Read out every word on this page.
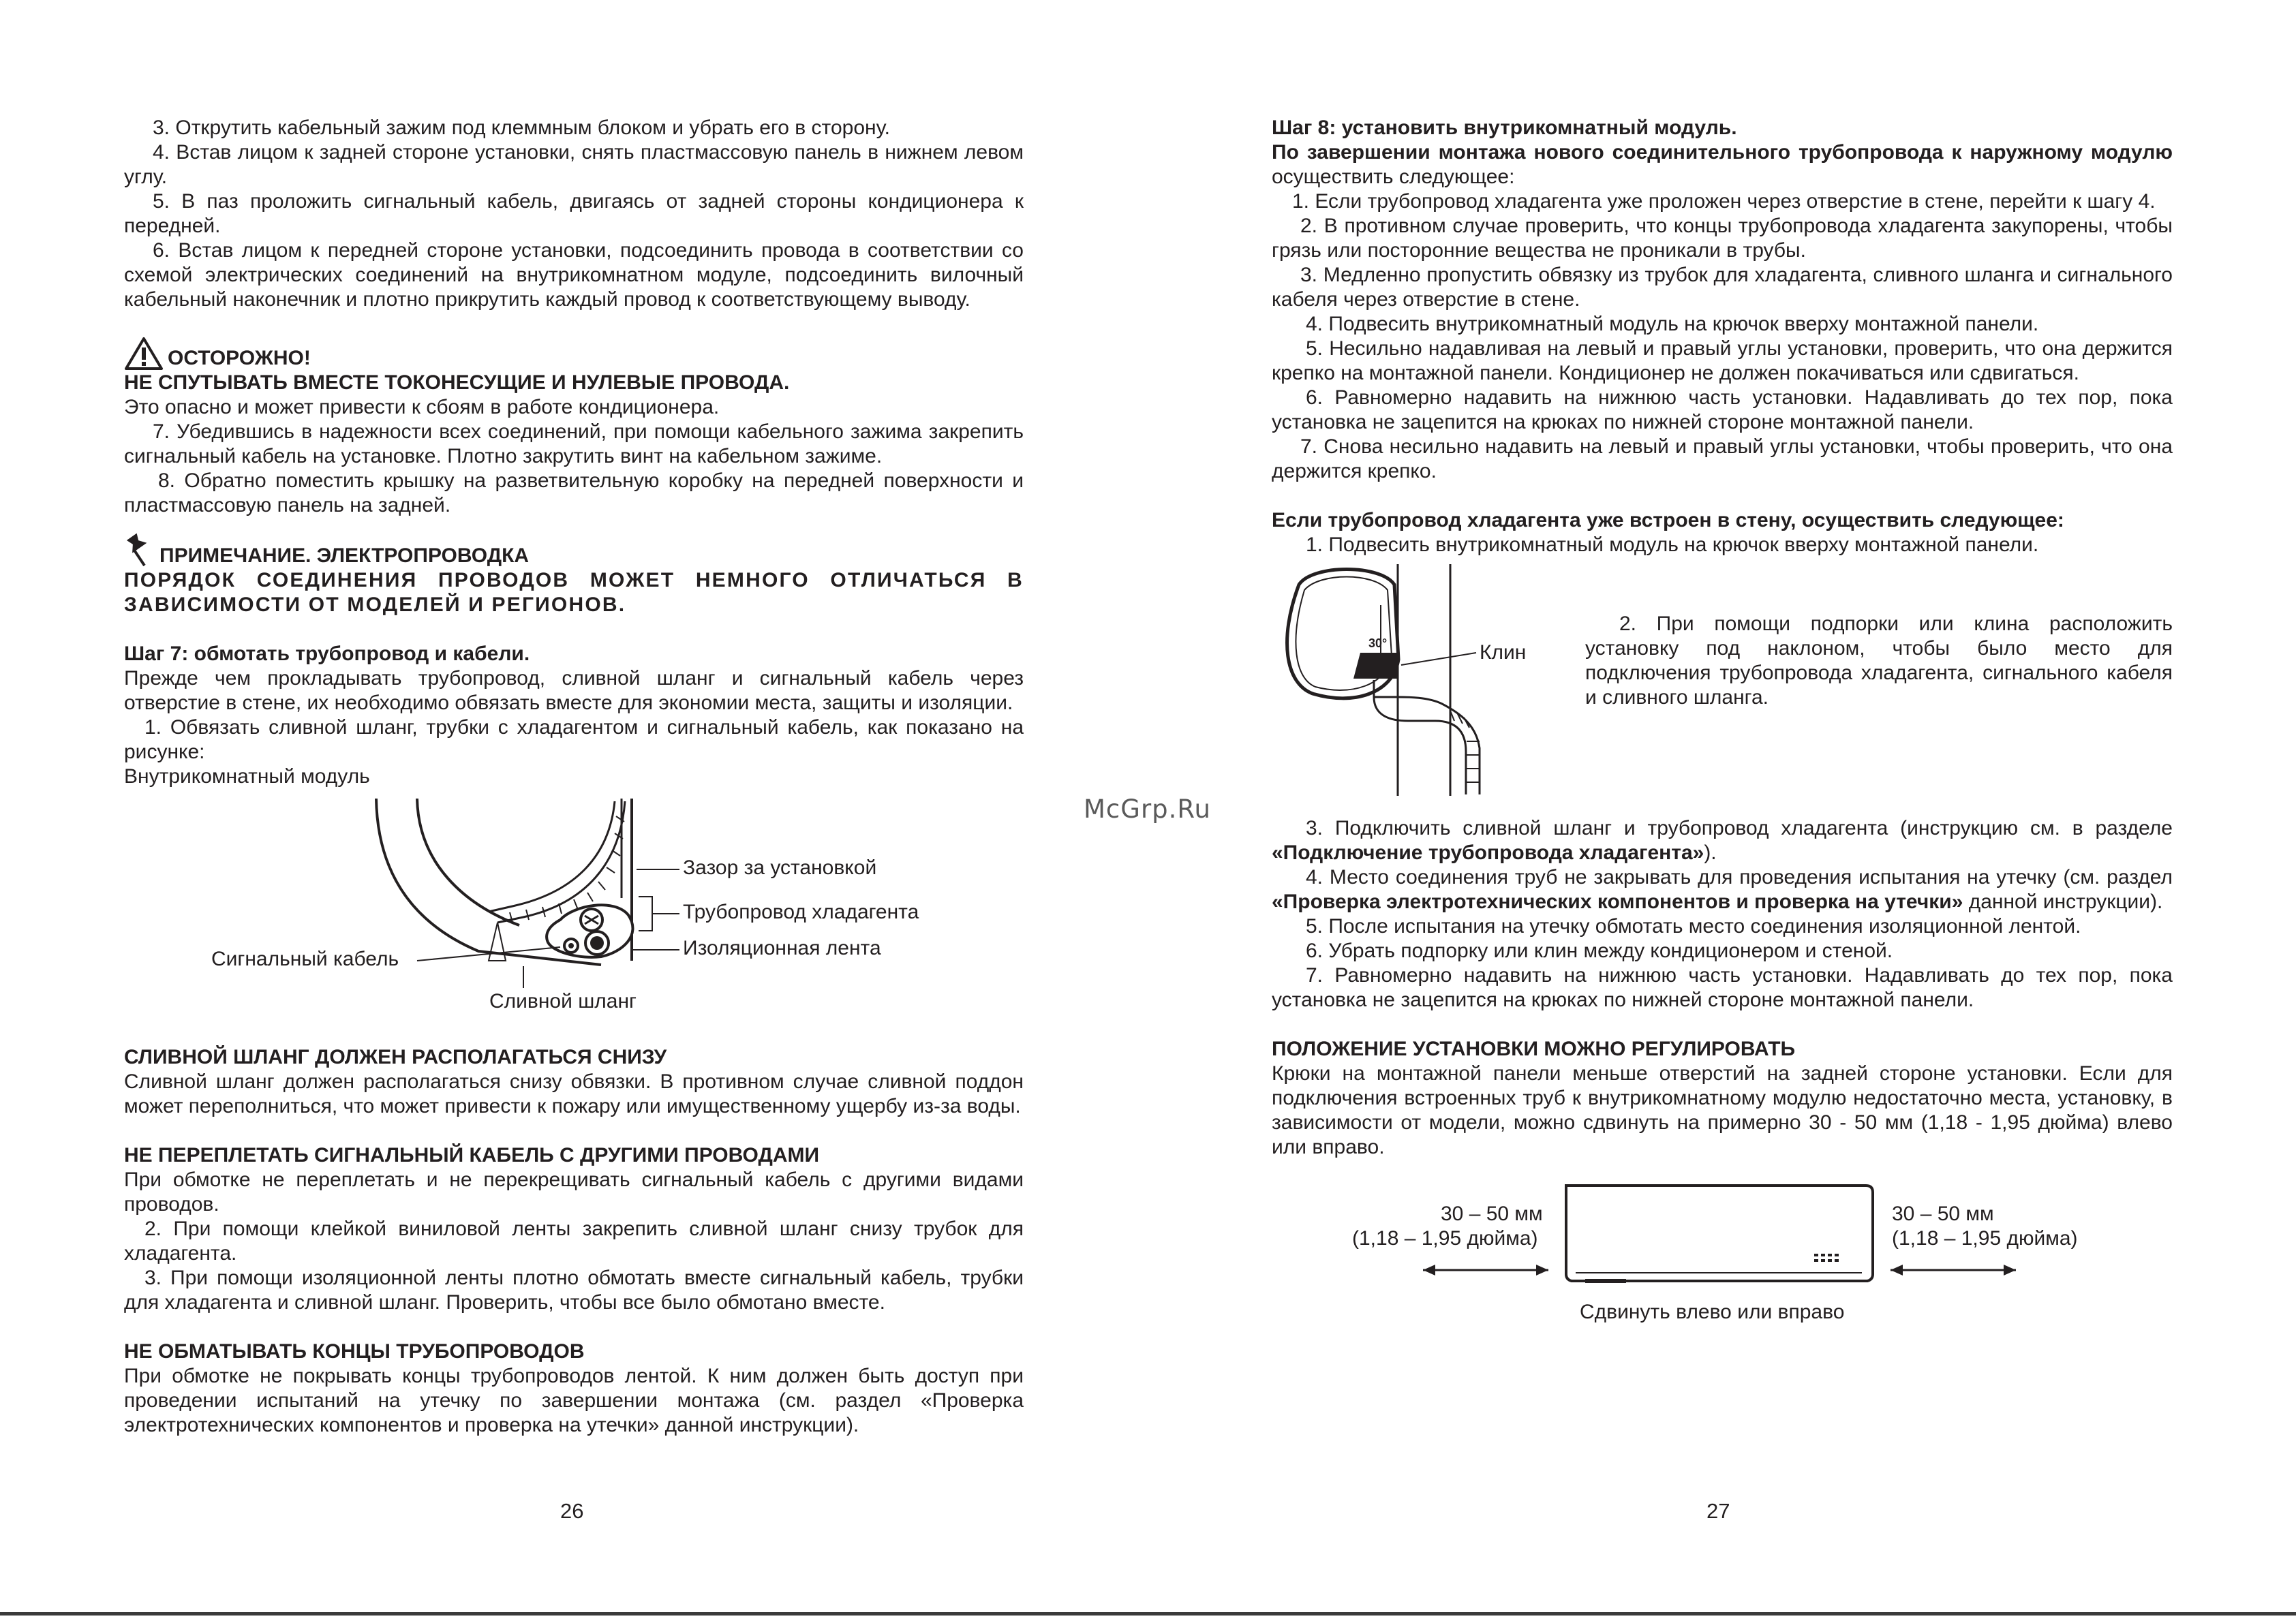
3. Открутить кабельный зажим под клеммным блоком и убрать его в сторону.

4. Встав лицом к задней стороне установки, снять пластмассовую панель в нижнем левом углу.

5. В паз проложить сигнальный кабель, двигаясь от задней стороны кондиционера к передней.

6. Встав лицом к передней стороне установки, подсоединить провода в соответствии со схемой электрических соединений на внутрикомнатном модуле, подсоединить вилочный кабельный наконечник и плотно прикрутить каждый провод к соответствующему выводу.

ОСТОРОЖНО!

НЕ СПУТЫВАТЬ ВМЕСТЕ ТОКОНЕСУЩИЕ И НУЛЕВЫЕ ПРОВОДА.

Это опасно и может привести к сбоям в работе кондиционера.

7. Убедившись в надежности всех соединений, при помощи кабельного зажима закрепить сигнальный кабель на установке. Плотно закрутить винт на кабельном зажиме.

8. Обратно поместить крышку на разветвительную коробку на передней поверхности и пластмассовую панель на задней.

ПРИМЕЧАНИЕ. ЭЛЕКТРОПРОВОДКА

ПОРЯДОК СОЕДИНЕНИЯ ПРОВОДОВ МОЖЕТ НЕМНОГО ОТЛИЧАТЬСЯ В ЗАВИСИМОСТИ ОТ МОДЕЛЕЙ И РЕГИОНОВ.

Шаг 7: обмотать трубопровод и кабели.

Прежде чем прокладывать трубопровод, сливной шланг и сигнальный кабель через отверстие в стене, их необходимо обвязать вместе для экономии места, защиты и изоляции.

1. Обвязать сливной шланг, трубки с хладагентом и сигнальный кабель, как показано на рисунке:

Внутрикомнатный модуль

Зазор за установкой
Трубопровод хладагента
Изоляционная лента
Сигнальный кабель
Сливной шланг

СЛИВНОЙ ШЛАНГ ДОЛЖЕН РАСПОЛАГАТЬСЯ СНИЗУ

Сливной шланг должен располагаться снизу обвязки. В противном случае сливной поддон может переполниться, что может привести к пожару или имущественному ущербу из-за воды.

НЕ ПЕРЕПЛЕТАТЬ СИГНАЛЬНЫЙ КАБЕЛЬ С ДРУГИМИ ПРОВОДАМИ

При обмотке не переплетать и не перекрещивать сигнальный кабель с другими видами проводов.

2. При помощи клейкой виниловой ленты закрепить сливной шланг снизу трубок для хладагента.

3. При помощи изоляционной ленты плотно обмотать вместе сигнальный кабель, трубки для хладагента и сливной шланг. Проверить, чтобы все было обмотано вместе.

НЕ ОБМАТЫВАТЬ КОНЦЫ ТРУБОПРОВОДОВ

При обмотке не покрывать концы трубопроводов лентой. К ним должен быть доступ при проведении испытаний на утечку по завершении монтажа (см. раздел «Проверка электротехнических компонентов и проверка на утечки» данной инструкции).

26

Шаг 8: установить внутрикомнатный модуль.

По завершении монтажа нового соединительного трубопровода к наружному модулю осуществить следующее:

1. Если трубопровод хладагента уже проложен через отверстие в стене, перейти к шагу 4.

2. В противном случае проверить, что концы трубопровода хладагента закупорены, чтобы грязь или посторонние вещества не проникали в трубы.

3. Медленно пропустить обвязку из трубок для хладагента, сливного шланга и сигнального кабеля через отверстие в стене.

4. Подвесить внутрикомнатный модуль на крючок вверху монтажной панели.

5. Несильно надавливая на левый и правый углы установки, проверить, что она держится крепко на монтажной панели. Кондиционер не должен покачиваться или сдвигаться.

6. Равномерно надавить на нижнюю часть установки. Надавливать до тех пор, пока установка не зацепится на крюках по нижней стороне монтажной панели.

7. Снова несильно надавить на левый и правый углы установки, чтобы проверить, что она держится крепко.

Если трубопровод хладагента уже встроен в стену, осуществить следующее:

1. Подвесить внутрикомнатный модуль на крючок вверху монтажной панели.

30°	Клин

2. При помощи подпорки или клина расположить установку под наклоном, чтобы было место для подключения трубопровода хладагента, сигнального кабеля и сливного шланга.

3. Подключить сливной шланг и трубопровод хладагента (инструкцию см. в разделе «Подключение трубопровода хладагента»).

4. Место соединения труб не закрывать для проведения испытания на утечку (см. раздел «Проверка электротехнических компонентов и проверка на утечки» данной инструкции).

5. После испытания на утечку обмотать место соединения изоляционной лентой.

6. Убрать подпорку или клин между кондиционером и стеной.

7. Равномерно надавить на нижнюю часть установки. Надавливать до тех пор, пока установка не зацепится на крюках по нижней стороне монтажной панели.

ПОЛОЖЕНИЕ УСТАНОВКИ МОЖНО РЕГУЛИРОВАТЬ

Крюки на монтажной панели меньше отверстий на задней стороне установки. Если для подключения встроенных труб к внутрикомнатному модулю недостаточно места, установку, в зависимости от модели, можно сдвинуть на примерно 30 - 50 мм (1,18 - 1,95 дюйма) влево или вправо.

30 – 50 мм
(1,18 – 1,95 дюйма)
30 – 50 мм
(1,18 – 1,95 дюйма)
Сдвинуть влево или вправо
27
McGrp.Ru
